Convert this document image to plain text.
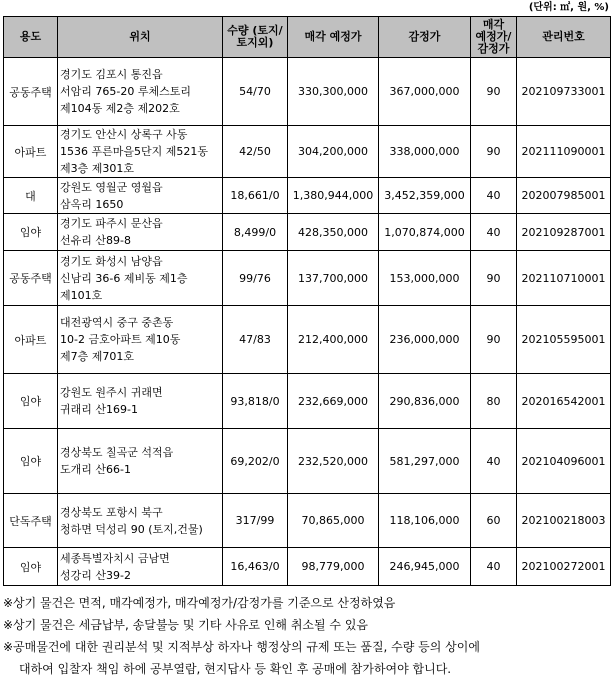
(단위: ㎡, 원, %)
용도	위치	수량 (토지/ 토지외)	매각 예정가	감정가	매각 예정가/ 감정가	관리번호
공동주택	경기도 김포시 통진읍
서암리 765-20 루체스토리
제104동 제2층 제202호	54/70	330,300,000	367,000,000	90	202109733001
아파트	경기도 안산시 상록구 사동
1536 푸른마을5단지 제521동
제3층 제301호	42/50	304,200,000	338,000,000	90	202111090001
대	강원도 영월군 영월읍
삼옥리 1650	18,661/0	1,380,944,000	3,452,359,000	40	202007985001
임야	경기도 파주시 문산읍
선유리 산89-8	8,499/0	428,350,000	1,070,874,000	40	202109287001
공동주택	경기도 화성시 남양읍
신남리 36-6 제비동 제1층
제101호	99/76	137,700,000	153,000,000	90	202110710001
아파트	대전광역시 중구 중촌동
10-2 금호아파트 제10동
제7층 제701호	47/83	212,400,000	236,000,000	90	202105595001
임야	강원도 원주시 귀래면
귀래리 산169-1	93,818/0	232,669,000	290,836,000	80	202016542001
임야	경상북도 칠곡군 석적읍
도개리 산66-1	69,202/0	232,520,000	581,297,000	40	202104096001
단독주택	경상북도 포항시 북구
청하면 덕성리 90 (토지,건물)	317/99	70,865,000	118,106,000	60	202100218003
임야	세종특별자치시 금남면
성강리 산39-2	16,463/0	98,779,000	246,945,000	40	202100272001
※상기 물건은 면적, 매각예정가, 매각예정가/감정가를 기준으로 산정하였음
※상기 물건은 세금납부, 송달불능 및 기타 사유로 인해 취소될 수 있음
※공매물건에 대한 권리분석 및 지적부상 하자나 행정상의 규제 또는 품질, 수량 등의 상이에
대하여 입찰자 책임 하에 공부열람, 현지답사 등 확인 후 공매에 참가하여야 합니다.
